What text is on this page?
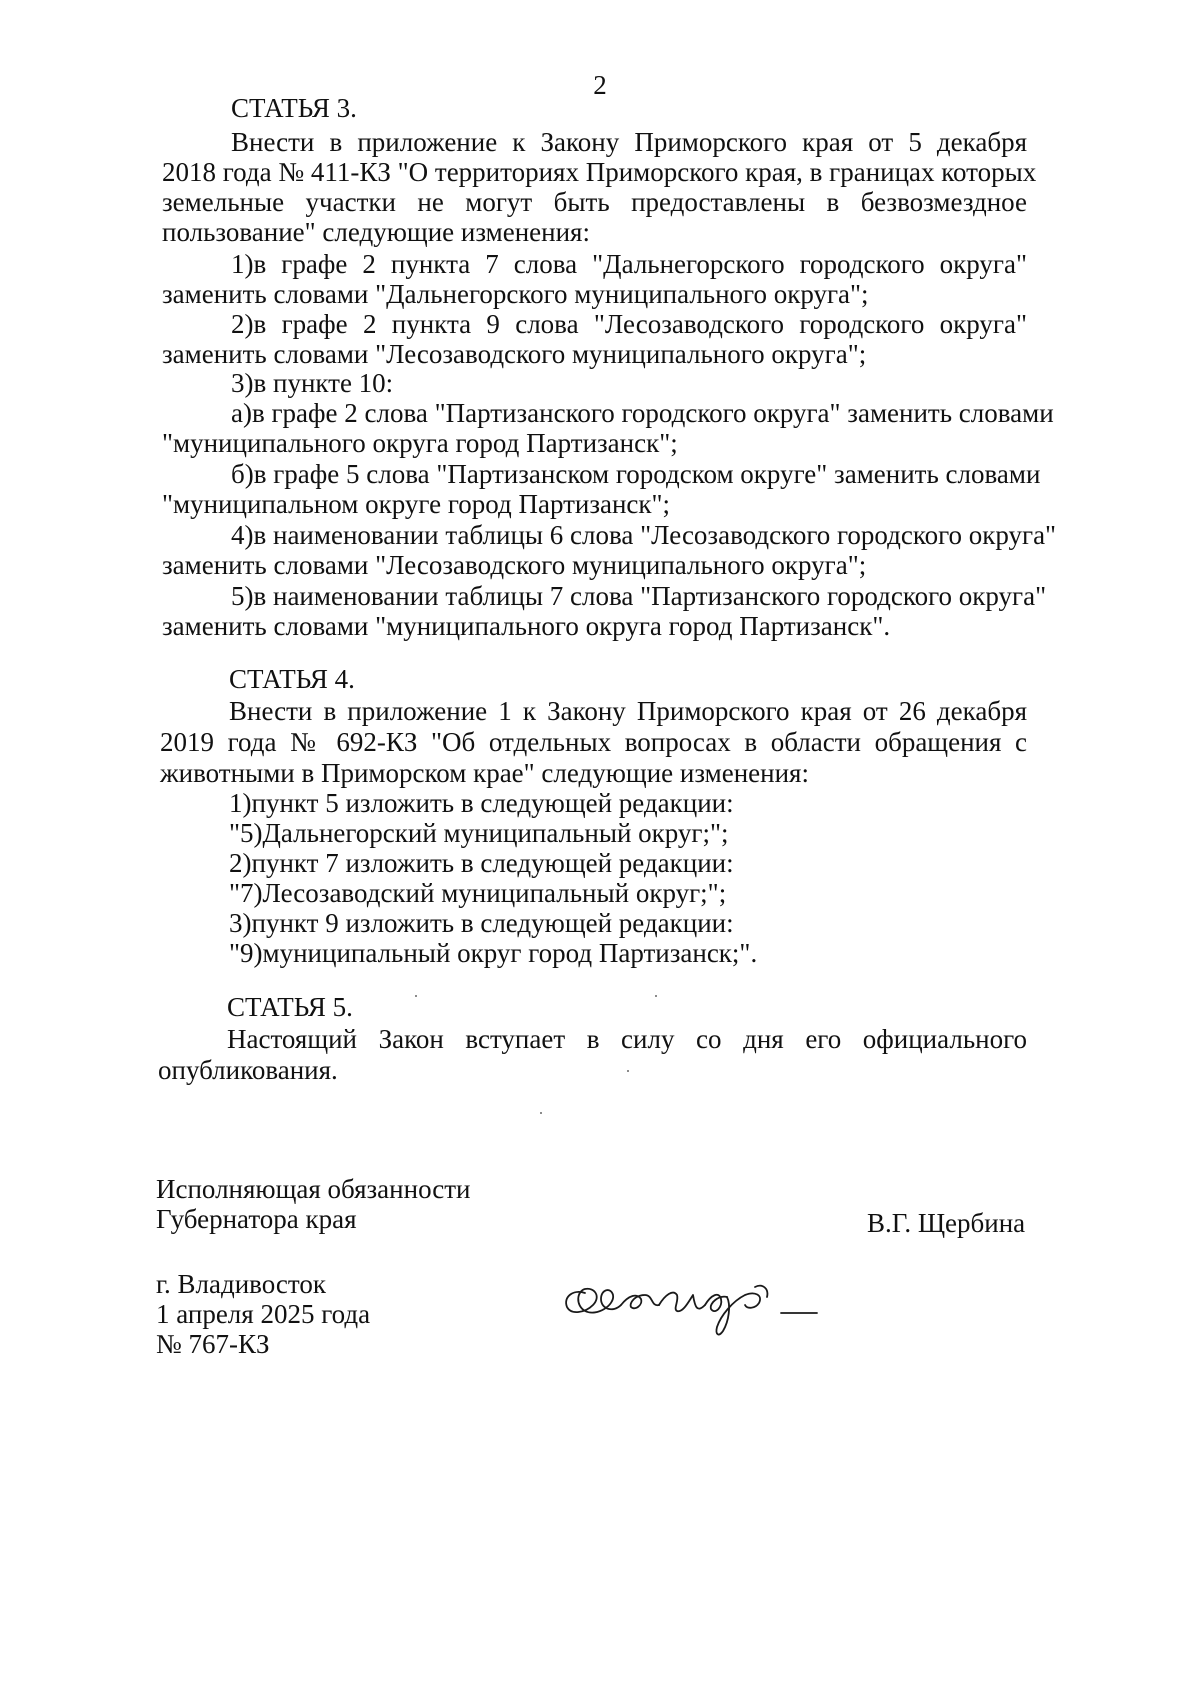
2
СТАТЬЯ 3.
Внести в приложение к Закону Приморского края от 5 декабря
2018 года № 411-КЗ "О территориях Приморского края, в границах которых
земельные участки не могут быть предоставлены в безвозмездное
пользование" следующие изменения:
1)в графе 2 пункта 7 слова "Дальнегорского городского округа"
заменить словами "Дальнегорского муниципального округа";
2)в графе 2 пункта 9 слова "Лесозаводского городского округа"
заменить словами "Лесозаводского муниципального округа";
3)в пункте 10:
а)в графе 2 слова "Партизанского городского округа" заменить словами
"муниципального округа город Партизанск";
б)в графе 5 слова "Партизанском городском округе" заменить словами
"муниципальном округе город Партизанск";
4)в наименовании таблицы 6 слова "Лесозаводского городского округа"
заменить словами "Лесозаводского муниципального округа";
5)в наименовании таблицы 7 слова "Партизанского городского округа"
заменить словами "муниципального округа город Партизанск".
СТАТЬЯ 4.
Внести в приложение 1 к Закону Приморского края от 26 декабря
2019 года № 692-КЗ "Об отдельных вопросах в области обращения с
животными в Приморском крае" следующие изменения:
1)пункт 5 изложить в следующей редакции:
"5)Дальнегорский муниципальный округ;";
2)пункт 7 изложить в следующей редакции:
"7)Лесозаводский муниципальный округ;";
3)пункт 9 изложить в следующей редакции:
"9)муниципальный округ город Партизанск;".
СТАТЬЯ 5.
Настоящий Закон вступает в силу со дня его официального
опубликования.
Исполняющая обязанности
Губернатора края	В.Г. Щербина
г. Владивосток
1 апреля 2025 года
№ 767-КЗ
